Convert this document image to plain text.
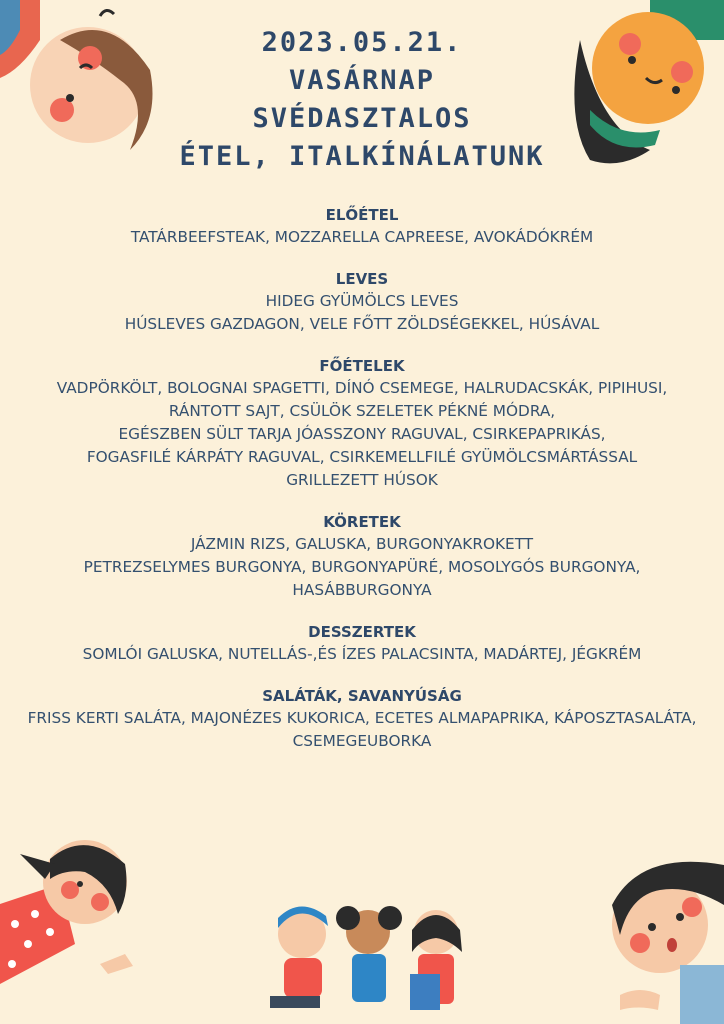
2023.05.21.
VASÁRNAP
SVÉDASZTALOS
ÉTEL, ITALKÍNÁLATUNK
ELŐÉTEL
TATÁRBEEFSTEAK, MOZZARELLA CAPREESE, AVOKÁDÓKRÉM
LEVES
HIDEG GYÜMÖLCS LEVES
HÚSLEVES GAZDAGON, VELE FŐTT ZÖLDSÉGEKKEL, HÚSÁVAL
FŐÉTELEK
VADPÖRKÖLT, BOLOGNAI SPAGETTI, DÍNÓ CSEMEGE, HALRUDACSKÁK, PIPIHUSI,
RÁNTOTT SAJT, CSÜLÖK SZELETEK PÉKNÉ MÓDRA,
EGÉSZBEN SÜLT TARJA JÓASSZONY RAGUVAL, CSIRKEPAPRIKÁS,
FOGASFILÉ KÁRPÁTY RAGUVAL, CSIRKEMELLFILÉ GYÜMÖLCSMÁRTÁSSAL
GRILLEZETT HÚSOK
KÖRETEK
JÁZMIN RIZS, GALUSKA, BURGONYAKROKETT
PETREZSELYMES BURGONYA, BURGONYAPÜRÉ, MOSOLYGÓS BURGONYA,
HASÁBBURGONYA
DESSZERTEK
SOMLÓI GALUSKA, NUTELLÁS-,ÉS ÍZES PALACSINTA, MADÁRTEJ, JÉGKRÉM
SALÁTÁK, SAVANYÚSÁG
FRISS KERTI SALÁTA, MAJONÉZES KUKORICA, ECETES ALMAPAPRIKA, KÁPOSZTASALÁTA,
CSEMEGEUBORKA
